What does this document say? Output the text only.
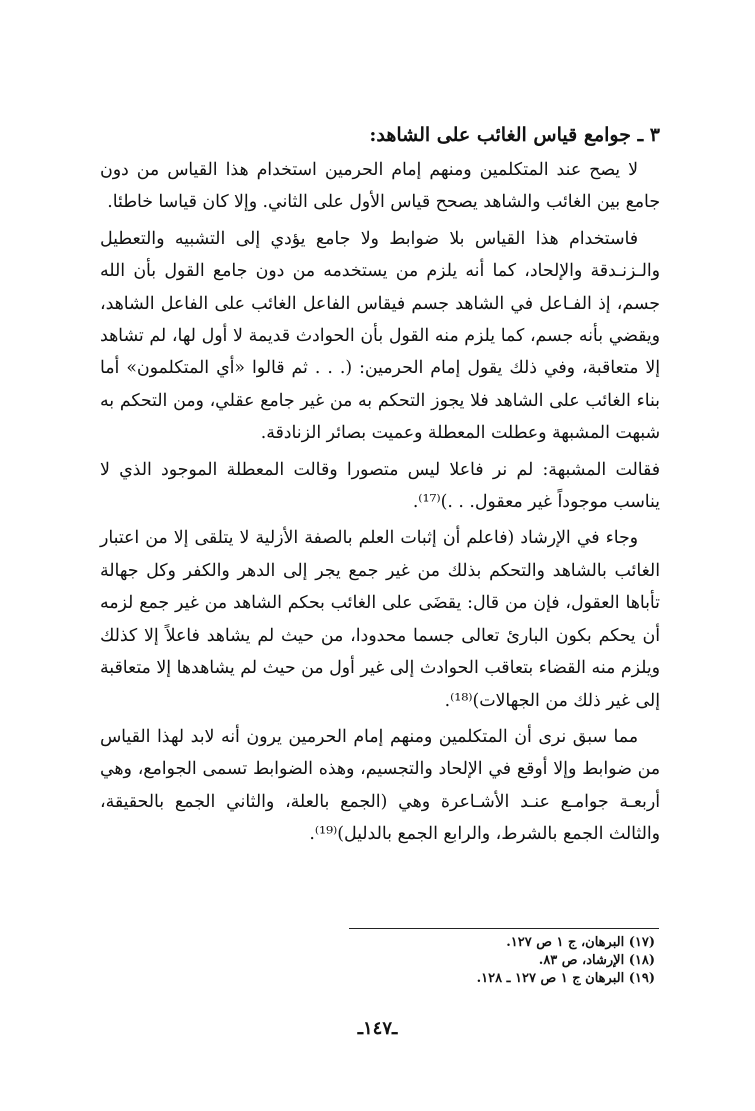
٣ ـ جوامع قياس الغائب على الشاهد:

لا يصح عند المتكلمين ومنهم إمام الحرمين استخدام هذا القياس من دون جامع بين الغائب والشاهد يصحح قياس الأول على الثاني. وإلا كان قياسا خاطئا.

فاستخدام هذا القياس بلا ضوابط ولا جامع يؤدي إلى التشبيه والتعطيل والـزنـدقة والإلحاد، كما أنه يلزم من يستخدمه من دون جامع القول بأن الله جسم، إذ الفـاعل في الشاهد جسم فيقاس الفاعل الغائب على الفاعل الشاهد، ويقضي بأنه جسم، كما يلزم منه القول بأن الحوادث قديمة لا أول لها، لم تشاهد إلا متعاقبة، وفي ذلك يقول إمام الحرمين: (. . . ثم قالوا «أي المتكلمون» أما بناء الغائب على الشاهد فلا يجوز التحكم به من غير جامع عقلي، ومن التحكم به شبهت المشبهة وعطلت المعطلة وعميت بصائر الزنادقة.

فقالت المشبهة: لم نر فاعلا ليس متصورا وقالت المعطلة الموجود الذي لا يناسب موجوداً غير معقول. . .)⁽¹⁷⁾.

وجاء في الإرشاد (فاعلم أن إثبات العلم بالصفة الأزلية لا يتلقى إلا من اعتبار الغائب بالشاهد والتحكم بذلك من غير جمع يجر إلى الدهر والكفر وكل جهالة تأباها العقول، فإن من قال: يقضَى على الغائب بحكم الشاهد من غير جمع لزمه أن يحكم بكون البارئ تعالى جسما محدودا، من حيث لم يشاهد فاعلاً إلا كذلك ويلزم منه القضاء بتعاقب الحوادث إلى غير أول من حيث لم يشاهدها إلا متعاقبة إلى غير ذلك من الجهالات)⁽¹⁸⁾.

مما سبق نرى أن المتكلمين ومنهم إمام الحرمين يرون أنه لابد لهذا القياس من ضوابط وإلا أوقع في الإلحاد والتجسيم، وهذه الضوابط تسمى الجوامع، وهي أربعـة جوامـع عنـد الأشـاعرة وهي (الجمع بالعلة، والثاني الجمع بالحقيقة، والثالث الجمع بالشرط، والرابع الجمع بالدليل)⁽¹⁹⁾.

(١٧) البرهان، ج ١ ص ١٢٧.
(١٨) الإرشاد، ص ٨٣.
(١٩) البرهان ج ١ ص ١٢٧ ـ ١٢٨.
ـ١٤٧ـ
